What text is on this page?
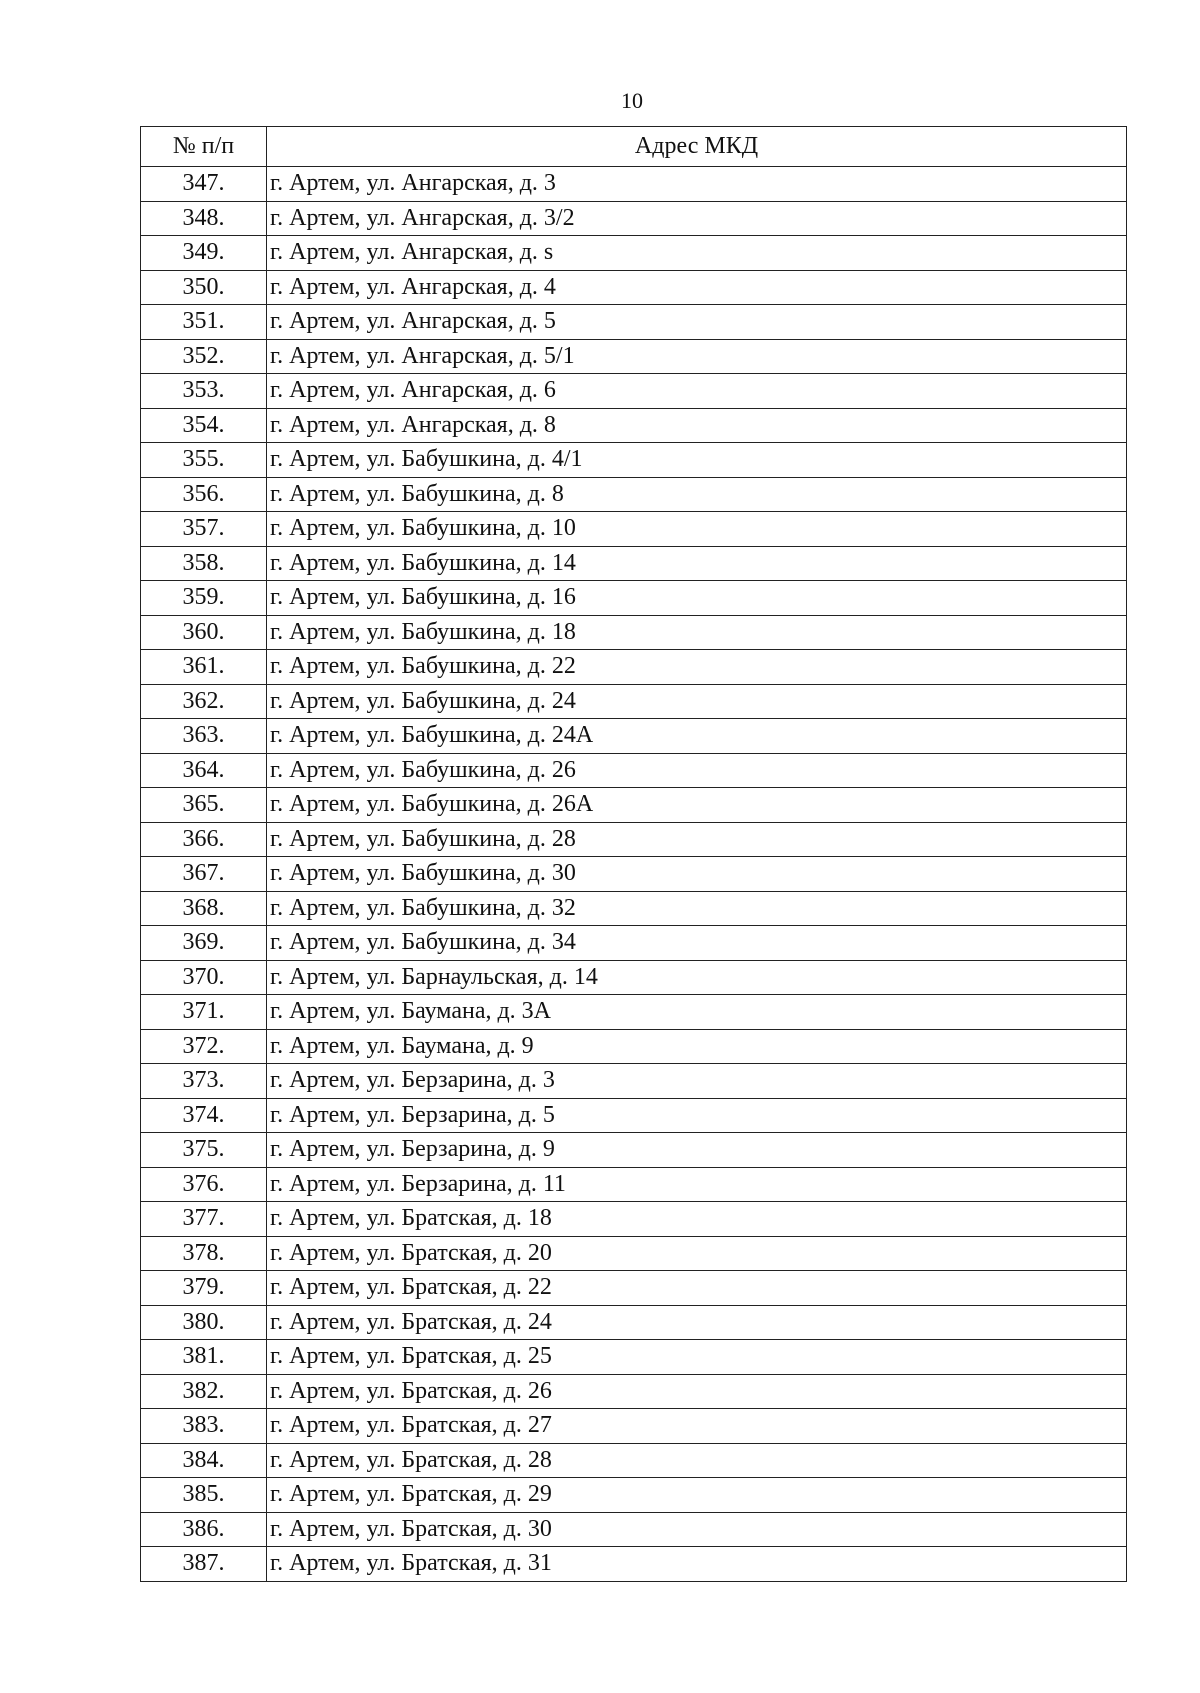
10
№ п/п	Адрес МКД
347.	г. Артем, ул. Ангарская, д. 3
348.	г. Артем, ул. Ангарская, д. 3/2
349.	г. Артем, ул. Ангарская, д. s
350.	г. Артем, ул. Ангарская, д. 4
351.	г. Артем, ул. Ангарская, д. 5
352.	г. Артем, ул. Ангарская, д. 5/1
353.	г. Артем, ул. Ангарская, д. 6
354.	г. Артем, ул. Ангарская, д. 8
355.	г. Артем, ул. Бабушкина, д. 4/1
356.	г. Артем, ул. Бабушкина, д. 8
357.	г. Артем, ул. Бабушкина, д. 10
358.	г. Артем, ул. Бабушкина, д. 14
359.	г. Артем, ул. Бабушкина, д. 16
360.	г. Артем, ул. Бабушкина, д. 18
361.	г. Артем, ул. Бабушкина, д. 22
362.	г. Артем, ул. Бабушкина, д. 24
363.	г. Артем, ул. Бабушкина, д. 24А
364.	г. Артем, ул. Бабушкина, д. 26
365.	г. Артем, ул. Бабушкина, д. 26А
366.	г. Артем, ул. Бабушкина, д. 28
367.	г. Артем, ул. Бабушкина, д. 30
368.	г. Артем, ул. Бабушкина, д. 32
369.	г. Артем, ул. Бабушкина, д. 34
370.	г. Артем, ул. Барнаульская, д. 14
371.	г. Артем, ул. Баумана, д. 3А
372.	г. Артем, ул. Баумана, д. 9
373.	г. Артем, ул. Берзарина, д. 3
374.	г. Артем, ул. Берзарина, д. 5
375.	г. Артем, ул. Берзарина, д. 9
376.	г. Артем, ул. Берзарина, д. 11
377.	г. Артем, ул. Братская, д. 18
378.	г. Артем, ул. Братская, д. 20
379.	г. Артем, ул. Братская, д. 22
380.	г. Артем, ул. Братская, д. 24
381.	г. Артем, ул. Братская, д. 25
382.	г. Артем, ул. Братская, д. 26
383.	г. Артем, ул. Братская, д. 27
384.	г. Артем, ул. Братская, д. 28
385.	г. Артем, ул. Братская, д. 29
386.	г. Артем, ул. Братская, д. 30
387.	г. Артем, ул. Братская, д. 31
